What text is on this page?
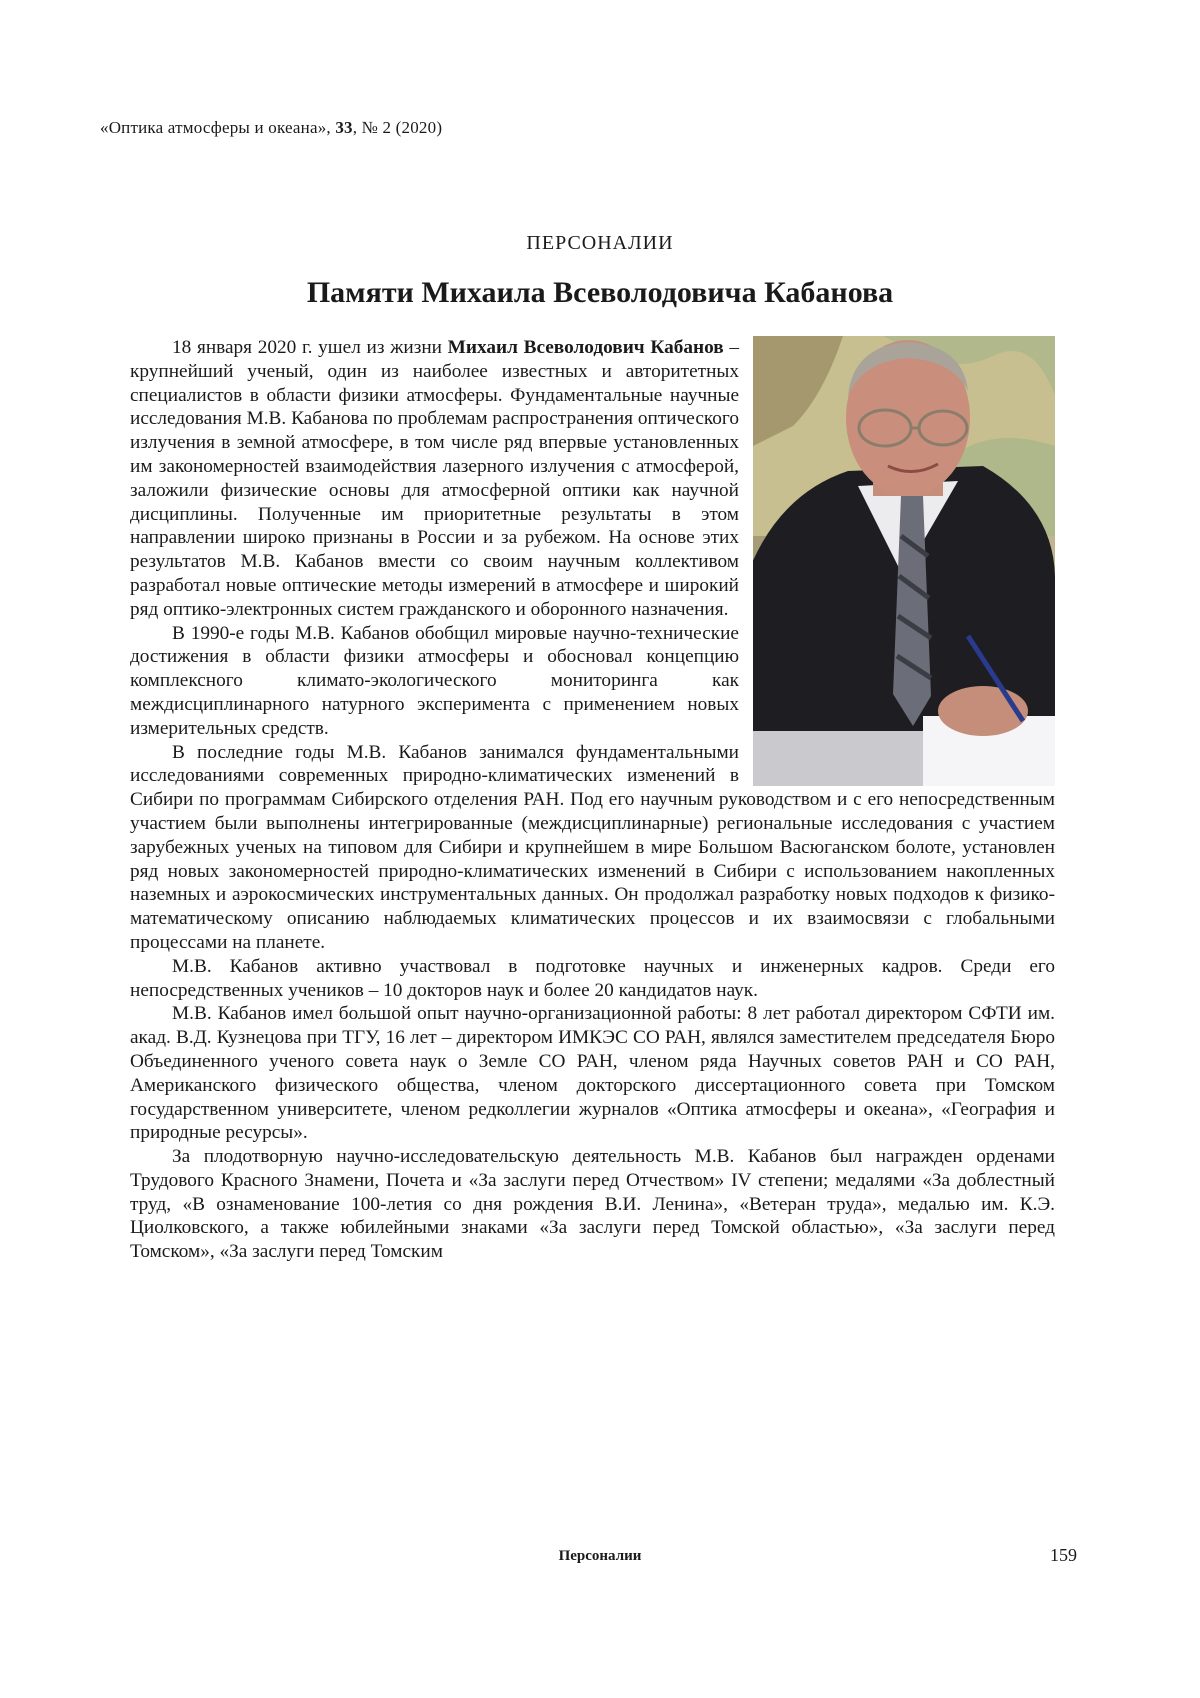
«Оптика атмосферы и океана», 33, № 2 (2020)
ПЕРСОНАЛИИ
Памяти Михаила Всеволодовича Кабанова

18 января 2020 г. ушел из жизни Михаил Всеволодович Кабанов – крупнейший ученый, один из наиболее известных и авторитетных специалистов в области физики атмосферы. Фундаментальные научные исследования М.В. Кабанова по проблемам распространения оптического излучения в земной атмосфере, в том числе ряд впервые установленных им закономерностей взаимодействия лазерного излучения с атмосферой, заложили физические основы для атмосферной оптики как научной дисциплины. Полученные им приоритетные результаты в этом направлении широко признаны в России и за рубежом. На основе этих результатов М.В. Кабанов вмести со своим научным коллективом разработал новые оптические методы измерений в атмосфере и широкий ряд оптико-электронных систем гражданского и оборонного назначения.

В 1990-е годы М.В. Кабанов обобщил мировые научно-технические достижения в области физики атмосферы и обосновал концепцию комплексного климато-экологического мониторинга как междисциплинарного натурного эксперимента с применением новых измерительных средств.

В последние годы М.В. Кабанов занимался фундаментальными исследованиями современных природно-климатических изменений в Сибири по программам Сибирского отделения РАН. Под его научным руководством и с его непосредственным участием были выполнены интегрированные (междисциплинарные) региональные исследования с участием зарубежных ученых на типовом для Сибири и крупнейшем в мире Большом Васюганском болоте, установлен ряд новых закономерностей природно-климатических изменений в Сибири с использованием накопленных наземных и аэрокосмических инструментальных данных. Он продолжал разработку новых подходов к физико-математическому описанию наблюдаемых климатических процессов и их взаимосвязи с глобальными процессами на планете.

М.В. Кабанов активно участвовал в подготовке научных и инженерных кадров. Среди его непосредственных учеников – 10 докторов наук и более 20 кандидатов наук.

М.В. Кабанов имел большой опыт научно-организационной работы: 8 лет работал директором СФТИ им. акад. В.Д. Кузнецова при ТГУ, 16 лет – директором ИМКЭС СО РАН, являлся заместителем председателя Бюро Объединенного ученого совета наук о Земле СО РАН, членом ряда Научных советов РАН и СО РАН, Американского физического общества, членом докторского диссертационного совета при Томском государственном университете, членом редколлегии журналов «Оптика атмосферы и океана», «География и природные ресурсы».

За плодотворную научно-исследовательскую деятельность М.В. Кабанов был награжден орденами Трудового Красного Знамени, Почета и «За заслуги перед Отчеством» IV степени; медалями «За доблестный труд, «В ознаменование 100-летия со дня рождения В.И. Ленина», «Ветеран труда», медалью им. К.Э. Циолковского, а также юбилейными знаками «За заслуги перед Томской областью», «За заслуги перед Томском», «За заслуги перед Томским

Персоналии	159
